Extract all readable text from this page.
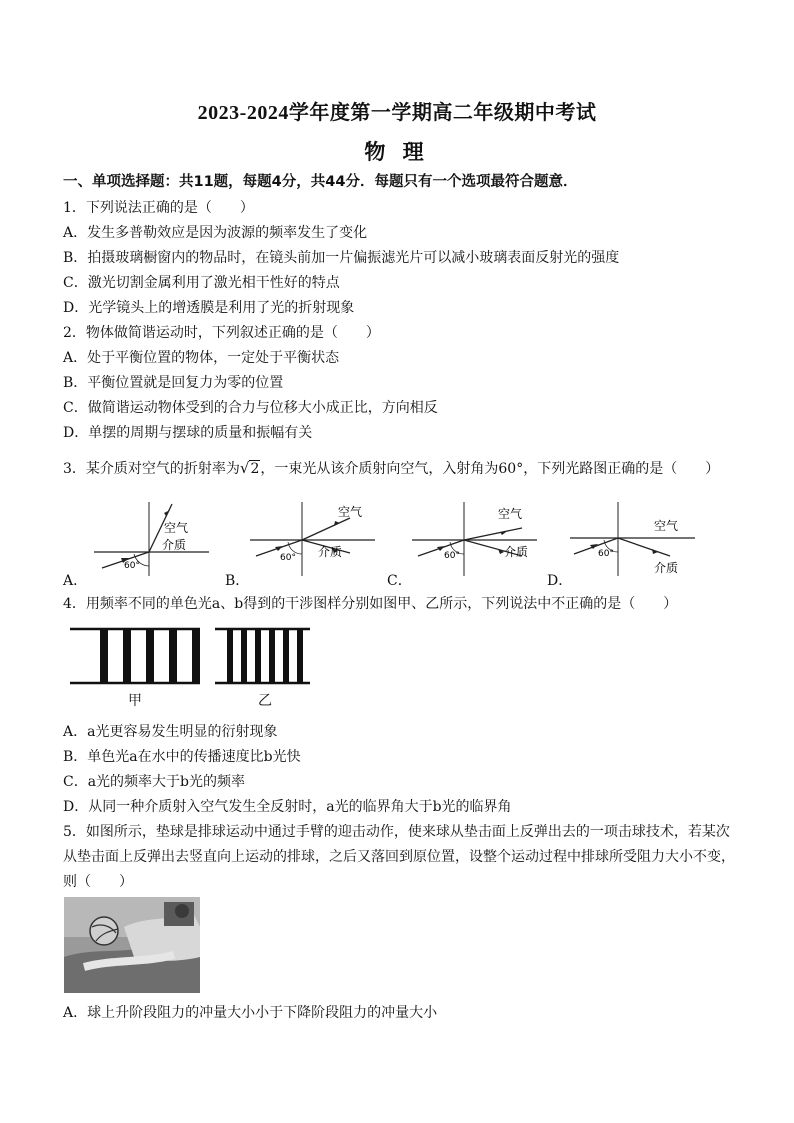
2023-2024学年度第一学期高二年级期中考试
物 理
一、单项选择题：共11题，每题4分，共44分．每题只有一个选项最符合题意．
1．下列说法正确的是（　　）
A．发生多普勒效应是因为波源的频率发生了变化
B．拍摄玻璃橱窗内的物品时，在镜头前加一片偏振滤光片可以减小玻璃表面反射光的强度
C．激光切割金属利用了激光相干性好的特点
D．光学镜头上的增透膜是利用了光的折射现象
2．物体做简谐运动时，下列叙述正确的是（　　）
A．处于平衡位置的物体，一定处于平衡状态
B．平衡位置就是回复力为零的位置
C．做简谐运动物体受到的合力与位移大小成正比，方向相反
D．单摆的周期与摆球的质量和振幅有关
3．某介质对空气的折射率为√2，一束光从该介质射向空气，入射角为60°，下列光路图正确的是（　　）
空气
介质
60°
空气
介质
60°
空气
介质
60°
空气
介质
60°
A．	B．	C．	D．
4．用频率不同的单色光a、b得到的干涉图样分别如图甲、乙所示，下列说法中不正确的是（　　）
甲	乙
A．a光更容易发生明显的衍射现象
B．单色光a在水中的传播速度比b光快
C．a光的频率大于b光的频率
D．从同一种介质射入空气发生全反射时，a光的临界角大于b光的临界角
5．如图所示，垫球是排球运动中通过手臂的迎击动作，使来球从垫击面上反弹出去的一项击球技术，若某次
从垫击面上反弹出去竖直向上运动的排球，之后又落回到原位置，设整个运动过程中排球所受阻力大小不变，
则（　　）
A．球上升阶段阻力的冲量大小小于下降阶段阻力的冲量大小
